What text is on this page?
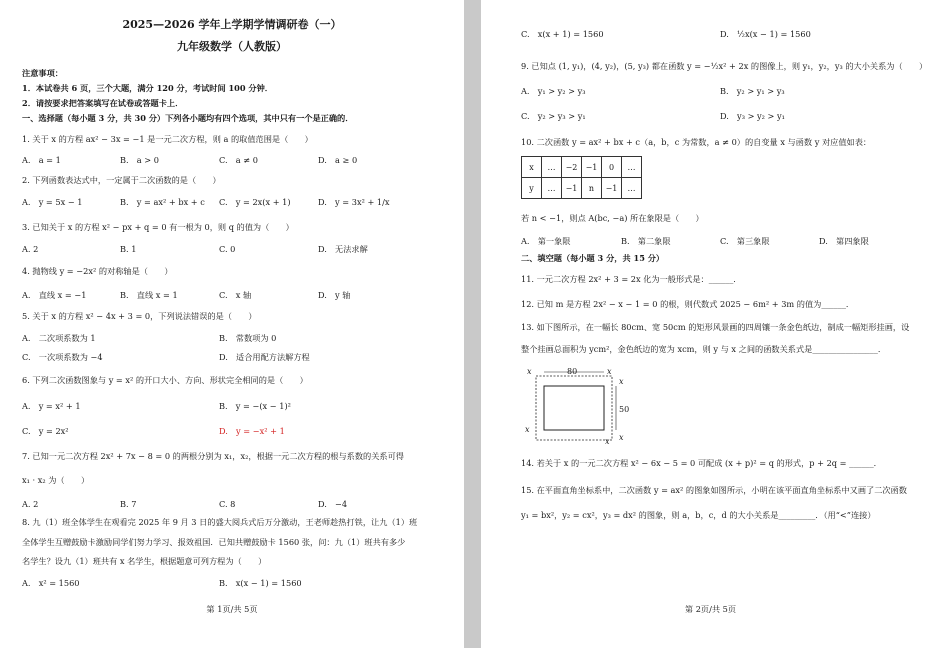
2025—2026 学年上学期学情调研卷（一）
九年级数学（人教版）
注意事项：
1．本试卷共 6 页，三个大题，满分 120 分，考试时间 100 分钟．
2．请按要求把答案填写在试卷或答题卡上．
一、选择题（每小题 3 分，共 30 分）下列各小题均有四个选项，其中只有一个是正确的．
1. 关于 x 的方程 ax² − 3x = −1 是一元二次方程，则 a 的取值范围是（　　）
A.　a = 1	B.　a > 0	C.　a ≠ 0	D.　a ≥ 0
2. 下列函数表达式中，一定属于二次函数的是（　　）
A.　y = 5x − 1	B.　y = ax² + bx + c C.　y = 2x(x + 1)	D.　y = 3x² + 1/x
3. 已知关于 x 的方程 x² − px + q = 0 有一根为 0，则 q 的值为（　　）
A. 2	B. 1	C. 0	D.　无法求解
4. 抛物线 y = −2x² 的对称轴是（　　）
A.　直线 x = −1	B.　直线 x = 1	C.　x 轴	D.　y 轴
5. 关于 x 的方程 x² − 4x + 3 = 0，下列说法错误的是（　　）
A.　二次项系数为 1	B.　常数项为 0
C.　一次项系数为 −4	D.　适合用配方法解方程
6. 下列二次函数图象与 y = x² 的开口大小、方向、形状完全相同的是（　　）
A.　y = x² + 1	B.　y = −(x − 1)²
C.　y = 2x²	D.　y = −x² + 1
7. 已知一元二次方程 2x² + 7x − 8 = 0 的两根分别为 x₁，x₂，根据一元二次方程的根与系数的关系可得
x₁ · x₂ 为（　　）
A. 2	B. 7	C. 8	D.　−4
8. 九（1）班全体学生在观看完 2025 年 9 月 3 日的盛大阅兵式后万分激动，王老师趁热打铁，让九（1）班
全体学生互赠鼓励卡激励同学们努力学习、报效祖国．已知共赠鼓励卡 1560 张，问：九（1）班共有多少
名学生？设九（1）班共有 x 名学生，根据题意可列方程为（　　）
A.　x² = 1560	B.　x(x − 1) = 1560
第 1页/共 5页
C.　x(x + 1) = 1560	D.　½x(x − 1) = 1560
9. 已知点 (1, y₁)，(4, y₂)，(5, y₃) 都在函数 y = −½x² + 2x 的图像上，则 y₁，y₂，y₃ 的大小关系为（　　）
A.　y₁ > y₂ > y₃	B.　y₂ > y₁ > y₃
C.　y₂ > y₃ > y₁	D.　y₃ > y₂ > y₁
10. 二次函数 y = ax² + bx + c（a，b，c 为常数，a ≠ 0）的自变量 x 与函数 y 对应值如表：
x	…	−2	−1	0	…
y	…	−1	n	−1	…
若 n < −1，则点 A(bc, −a) 所在象限是（　　）
A.　第一象限	B.　第二象限	C.　第三象限	D.　第四象限
二、填空题（每小题 3 分，共 15 分）
11. 一元二次方程 2x² + 3 = 2x 化为一般形式是：______．
12. 已知 m 是方程 2x² − x − 1 = 0 的根，则代数式 2025 − 6m² + 3m 的值为______．
13. 如下图所示，在一幅长 80cm、宽 50cm 的矩形风景画的四周镶一条金色纸边，制成一幅矩形挂画，设
整个挂画总面积为 ycm²，金色纸边的宽为 xcm，则 y 与 x 之间的函数关系式是________________．
80
50
x	x
x
x
x x
14. 若关于 x 的一元二次方程 x² − 6x − 5 = 0 可配成 (x + p)² = q 的形式，p + 2q = ______．
15. 在平面直角坐标系中，二次函数 y = ax² 的图象如图所示，小明在该平面直角坐标系中又画了二次函数
y₁ = bx²，y₂ = cx²，y₃ = dx² 的图象，则 a，b，c，d 的大小关系是_________．（用“<”连接）
第 2页/共 5页
